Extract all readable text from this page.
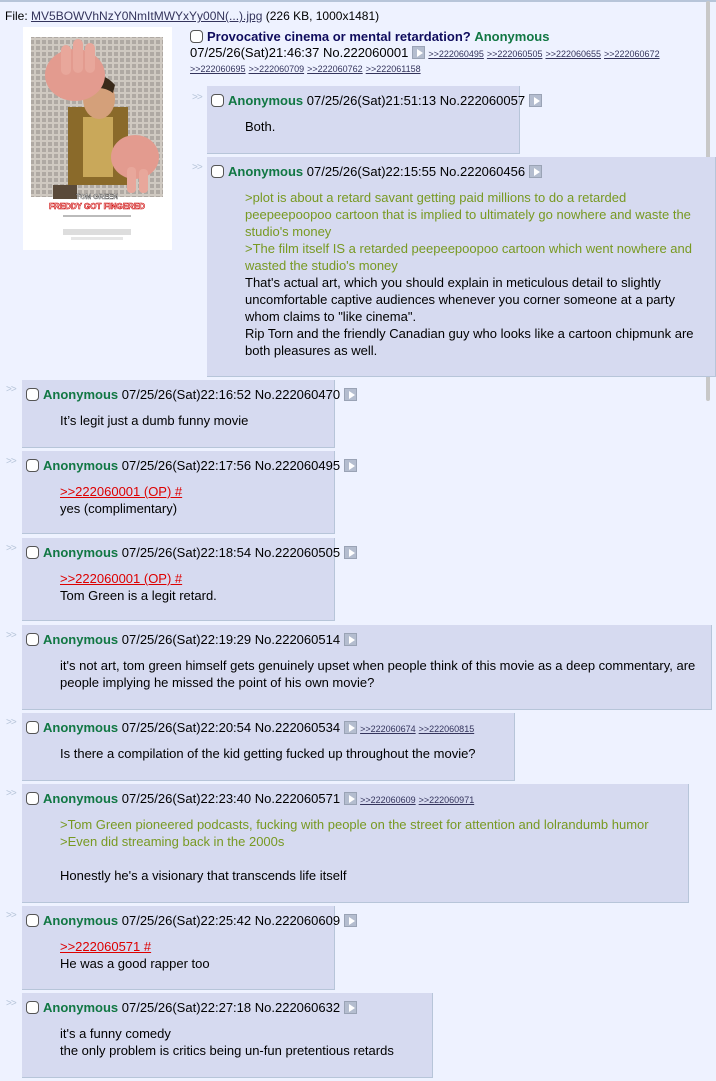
File: MV5BOWVhNzY0NmItMWYxYy00N(...).jpg (226 KB, 1000x1481)
TOM GREEN
FREDDY GOT FINGERED
Provocative cinema or mental retardation? Anonymous
07/25/26(Sat)21:46:37 No.222060001 >>222060495 >>222060505 >>222060655 >>222060672
>>222060695 >>222060709 >>222060762 >>222061158
>>	Anonymous 07/25/26(Sat)21:51:13 No.222060057
Both.
>>	Anonymous 07/25/26(Sat)22:15:55 No.222060456
>plot is about a retard savant getting paid millions to do a retarded peepeepoopoo cartoon that is implied to ultimately go nowhere and waste the studio's money
>The film itself IS a retarded peepeepoopoo cartoon which went nowhere and wasted the studio's money
That's actual art, which you should explain in meticulous detail to slightly uncomfortable captive audiences whenever you corner someone at a party whom claims to "like cinema".
Rip Torn and the friendly Canadian guy who looks like a cartoon chipmunk are both pleasures as well.
>>	Anonymous 07/25/26(Sat)22:16:52 No.222060470
It’s legit just a dumb funny movie
>>	Anonymous 07/25/26(Sat)22:17:56 No.222060495
>>222060001 (OP) #
yes (complimentary)
>>	Anonymous 07/25/26(Sat)22:18:54 No.222060505
>>222060001 (OP) #
Tom Green is a legit retard.
>>	Anonymous 07/25/26(Sat)22:19:29 No.222060514
it's not art, tom green himself gets genuinely upset when people think of this movie as a deep commentary, are people implying he missed the point of his own movie?
>>	Anonymous 07/25/26(Sat)22:20:54 No.222060534 >>222060674 >>222060815
Is there a compilation of the kid getting fucked up throughout the movie?
>>	Anonymous 07/25/26(Sat)22:23:40 No.222060571 >>222060609 >>222060971
>Tom Green pioneered podcasts, fucking with people on the street for attention and lolrandumb humor
>Even did streaming back in the 2000s
Honestly he's a visionary that transcends life itself
>>	Anonymous 07/25/26(Sat)22:25:42 No.222060609
>>222060571 #
He was a good rapper too
>>	Anonymous 07/25/26(Sat)22:27:18 No.222060632
it's a funny comedy
the only problem is critics being un-fun pretentious retards
